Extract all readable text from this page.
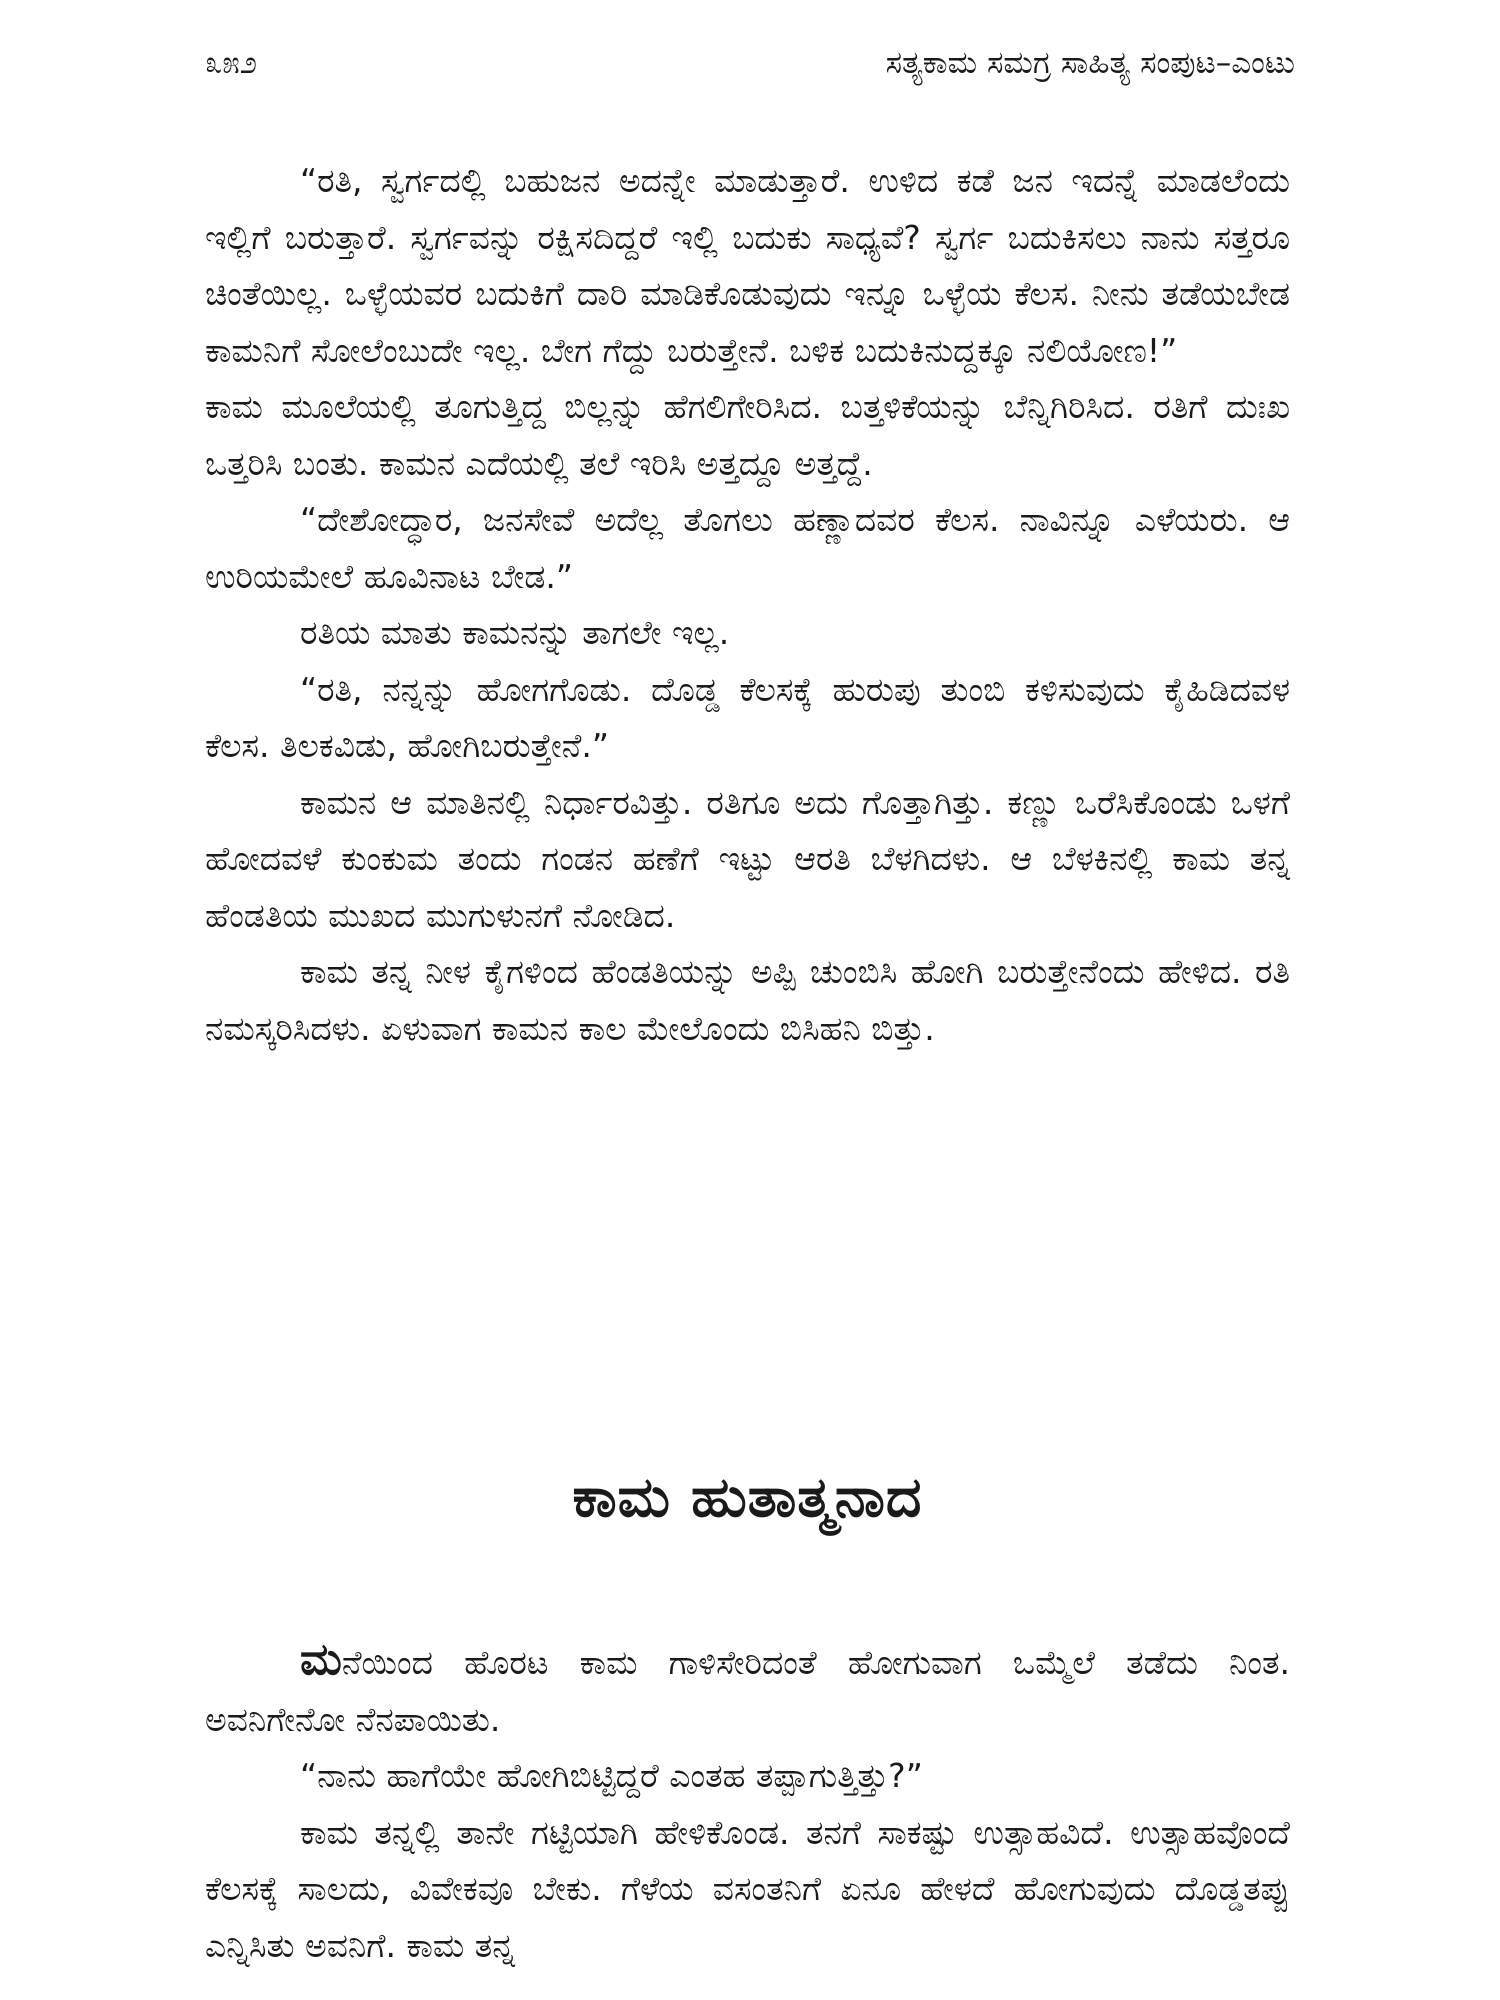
೩೫೨	ಸತ್ಯಕಾಮ ಸಮಗ್ರ ಸಾಹಿತ್ಯ ಸಂಪುಟ–ಎಂಟು

“ರತಿ, ಸ್ವರ್ಗದಲ್ಲಿ ಬಹುಜನ ಅದನ್ನೇ ಮಾಡುತ್ತಾರೆ. ಉಳಿದ ಕಡೆ ಜನ ಇದನ್ನೆ ಮಾಡಲೆಂದು ಇಲ್ಲಿಗೆ ಬರುತ್ತಾರೆ. ಸ್ವರ್ಗವನ್ನು ರಕ್ಷಿಸದಿದ್ದರೆ ಇಲ್ಲಿ ಬದುಕು ಸಾಧ್ಯವೆ? ಸ್ವರ್ಗ ಬದುಕಿಸಲು ನಾನು ಸತ್ತರೂ ಚಿಂತೆಯಿಲ್ಲ. ಒಳ್ಳೆಯವರ ಬದುಕಿಗೆ ದಾರಿ ಮಾಡಿಕೊಡುವುದು ಇನ್ನೂ ಒಳ್ಳೆಯ ಕೆಲಸ. ನೀನು ತಡೆಯಬೇಡ ಕಾಮನಿಗೆ ಸೋಲೆಂಬುದೇ ಇಲ್ಲ. ಬೇಗ ಗೆದ್ದು ಬರುತ್ತೇನೆ. ಬಳಿಕ ಬದುಕಿನುದ್ದಕ್ಕೂ ನಲಿಯೋಣ!”

ಕಾಮ ಮೂಲೆಯಲ್ಲಿ ತೂಗುತ್ತಿದ್ದ ಬಿಲ್ಲನ್ನು ಹೆಗಲಿಗೇರಿಸಿದ. ಬತ್ತಳಿಕೆಯನ್ನು ಬೆನ್ನಿಗಿರಿಸಿದ. ರತಿಗೆ ದುಃಖ ಒತ್ತರಿಸಿ ಬಂತು. ಕಾಮನ ಎದೆಯಲ್ಲಿ ತಲೆ ಇರಿಸಿ ಅತ್ತದ್ದೂ ಅತ್ತದ್ದೆ.

“ದೇಶೋದ್ಧಾರ, ಜನಸೇವೆ ಅದೆಲ್ಲ ತೊಗಲು ಹಣ್ಣಾದವರ ಕೆಲಸ. ನಾವಿನ್ನೂ ಎಳೆಯರು. ಆ ಉರಿಯಮೇಲೆ ಹೂವಿನಾಟ ಬೇಡ.”

ರತಿಯ ಮಾತು ಕಾಮನನ್ನು ತಾಗಲೇ ಇಲ್ಲ.

“ರತಿ, ನನ್ನನ್ನು ಹೋಗಗೊಡು. ದೊಡ್ಡ ಕೆಲಸಕ್ಕೆ ಹುರುಪು ತುಂಬಿ ಕಳಿಸುವುದು ಕೈಹಿಡಿದವಳ ಕೆಲಸ. ತಿಲಕವಿಡು, ಹೋಗಿಬರುತ್ತೇನೆ.”

ಕಾಮನ ಆ ಮಾತಿನಲ್ಲಿ ನಿರ್ಧಾರವಿತ್ತು. ರತಿಗೂ ಅದು ಗೊತ್ತಾಗಿತ್ತು. ಕಣ್ಣು ಒರೆಸಿಕೊಂಡು ಒಳಗೆ ಹೋದವಳೆ ಕುಂಕುಮ ತಂದು ಗಂಡನ ಹಣೆಗೆ ಇಟ್ಟು ಆರತಿ ಬೆಳಗಿದಳು. ಆ ಬೆಳಕಿನಲ್ಲಿ ಕಾಮ ತನ್ನ ಹೆಂಡತಿಯ ಮುಖದ ಮುಗುಳುನಗೆ ನೋಡಿದ.

ಕಾಮ ತನ್ನ ನೀಳ ಕೈಗಳಿಂದ ಹೆಂಡತಿಯನ್ನು ಅಪ್ಪಿ ಚುಂಬಿಸಿ ಹೋಗಿ ಬರುತ್ತೇನೆಂದು ಹೇಳಿದ. ರತಿ ನಮಸ್ಕರಿಸಿದಳು. ಏಳುವಾಗ ಕಾಮನ ಕಾಲ ಮೇಲೊಂದು ಬಿಸಿಹನಿ ಬಿತ್ತು.

ಕಾಮ ಹುತಾತ್ಮನಾದ

ಮನೆಯಿಂದ ಹೊರಟ ಕಾಮ ಗಾಳಿಸೇರಿದಂತೆ ಹೋಗುವಾಗ ಒಮ್ಮೆಲೆ ತಡೆದು ನಿಂತ. ಅವನಿಗೇನೋ ನೆನಪಾಯಿತು.

“ನಾನು ಹಾಗೆಯೇ ಹೋಗಿಬಿಟ್ಟಿದ್ದರೆ ಎಂತಹ ತಪ್ಪಾಗುತ್ತಿತ್ತು?”

ಕಾಮ ತನ್ನಲ್ಲಿ ತಾನೇ ಗಟ್ಟಿಯಾಗಿ ಹೇಳಿಕೊಂಡ. ತನಗೆ ಸಾಕಷ್ಟು ಉತ್ಸಾಹವಿದೆ. ಉತ್ಸಾಹವೊಂದೆ ಕೆಲಸಕ್ಕೆ ಸಾಲದು, ವಿವೇಕವೂ ಬೇಕು. ಗೆಳೆಯ ವಸಂತನಿಗೆ ಏನೂ ಹೇಳದೆ ಹೋಗುವುದು ದೊಡ್ಡತಪ್ಪು ಎನ್ನಿಸಿತು ಅವನಿಗೆ. ಕಾಮ ತನ್ನ
